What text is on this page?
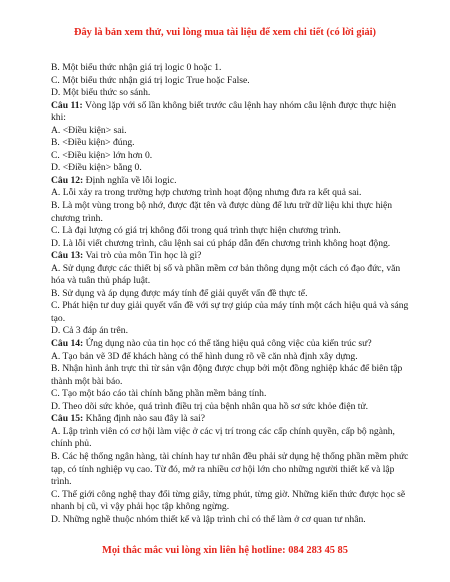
Đây là bản xem thử, vui lòng mua tài liệu để xem chi tiết (có lời giải)
B. Một biểu thức nhận giá trị logic 0 hoặc 1.
C. Một biểu thức nhận giá trị logic True hoặc False.
D. Một biểu thức so sánh.
Câu 11: Vòng lặp với số lần không biết trước câu lệnh hay nhóm câu lệnh được thực hiện khi:
A. <Điều kiện> sai.
B. <Điều kiện> đúng.
C. <Điều kiện> lớn hơn 0.
D. <Điều kiện> bằng 0.
Câu 12: Định nghĩa về lỗi logic.
A. Lỗi xảy ra trong trường hợp chương trình hoạt động nhưng đưa ra kết quả sai.
B. Là một vùng trong bộ nhớ, được đặt tên và được dùng để lưu trữ dữ liệu khi thực hiện chương trình.
C. Là đại lượng có giá trị không đổi trong quá trình thực hiện chương trình.
D. Là lỗi viết chương trình, câu lệnh sai cú pháp dẫn đến chương trình không hoạt động.
Câu 13: Vai trò của môn Tin học là gì?
A. Sử dụng được các thiết bị số và phần mềm cơ bản thông dụng một cách có đạo đức, văn hóa và tuân thủ pháp luật.
B. Sử dụng và áp dụng được máy tính để giải quyết vấn đề thực tế.
C. Phát hiện tư duy giải quyết vấn đề với sự trợ giúp của máy tính một cách hiệu quả và sáng tạo.
D. Cả 3 đáp án trên.
Câu 14: Ứng dụng nào của tin học có thể tăng hiệu quả công việc của kiến trúc sư?
A. Tạo bản vẽ 3D để khách hàng có thể hình dung rõ về căn nhà định xây dựng.
B. Nhận hình ảnh trực thì từ sản vận động được chụp bởi một đồng nghiệp khác để biên tập thành một bài báo.
C. Tạo một báo cáo tài chính bằng phần mềm bảng tính.
D. Theo dõi sức khỏe, quá trình điều trị của bệnh nhân qua hồ sơ sức khỏe điện tử.
Câu 15: Khẳng định nào sau đây là sai?
A. Lập trình viên có cơ hội làm việc ở các vị trí trong các cấp chính quyền, cấp bộ ngành, chính phủ.
B. Các hệ thống ngân hàng, tài chính hay tư nhân đều phải sử dụng hệ thống phần mềm phức tạp, có tính nghiệp vụ cao. Từ đó, mở ra nhiều cơ hội lớn cho những người thiết kế và lập trình.
C. Thế giới công nghệ thay đổi từng giây, từng phút, từng giờ. Những kiến thức được học sẽ nhanh bị cũ, vì vậy phải học tập không ngừng.
D. Những nghề thuộc nhóm thiết kế và lập trình chỉ có thể làm ở cơ quan tư nhân.
Mọi thắc mắc vui lòng xin liên hệ hotline: 084 283 45 85
